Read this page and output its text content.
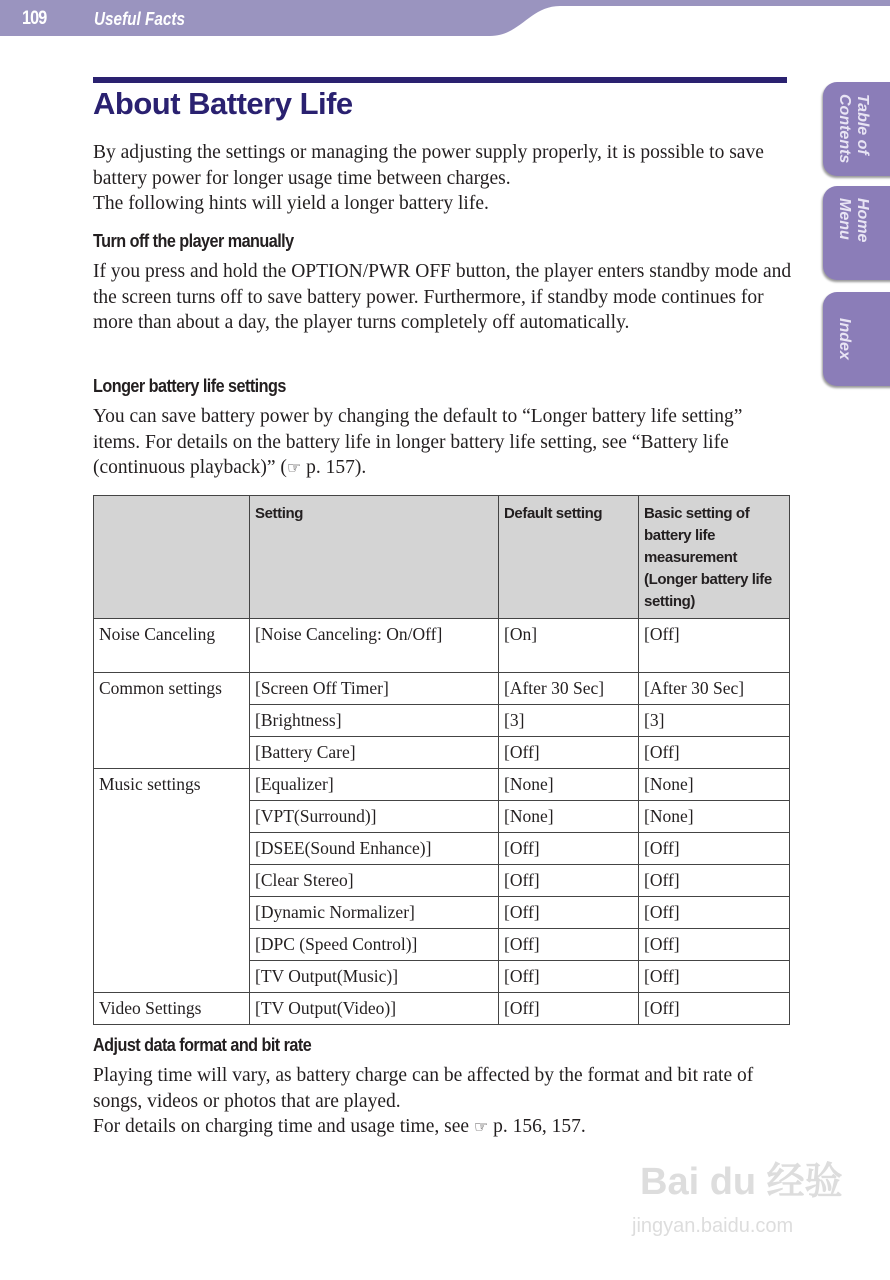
109	Useful Facts
Table of Contents
Home Menu
Index
About Battery Life

By adjusting the settings or managing the power supply properly, it is possible to save battery power for longer usage time between charges.

The following hints will yield a longer battery life.

Turn off the player manually

If you press and hold the OPTION/PWR OFF button, the player enters standby mode and the screen turns off to save battery power. Furthermore, if standby mode continues for more than about a day, the player turns completely off automatically.

Longer battery life settings

You can save battery power by changing the default to “Longer battery life setting” items. For details on the battery life in longer battery life setting, see “Battery life (continuous playback)” (☞ p. 157).

	Setting	Default setting	Basic setting of battery life measurement (Longer battery life setting)
Noise Canceling	[Noise Canceling: On/Off]	[On]	[Off]
Common settings	[Screen Off Timer]	[After 30 Sec]	[After 30 Sec]
	[Brightness]	[3]	[3]
	[Battery Care]	[Off]	[Off]
Music settings	[Equalizer]	[None]	[None]
	[VPT(Surround)]	[None]	[None]
	[DSEE(Sound Enhance)]	[Off]	[Off]
	[Clear Stereo]	[Off]	[Off]
	[Dynamic Normalizer]	[Off]	[Off]
	[DPC (Speed Control)]	[Off]	[Off]
	[TV Output(Music)]	[Off]	[Off]
Video Settings	[TV Output(Video)]	[Off]	[Off]

Adjust data format and bit rate

Playing time will vary, as battery charge can be affected by the format and bit rate of songs, videos or photos that are played.

For details on charging time and usage time, see ☞ p. 156, 157.

Bai du 经验
jingyan.baidu.com
